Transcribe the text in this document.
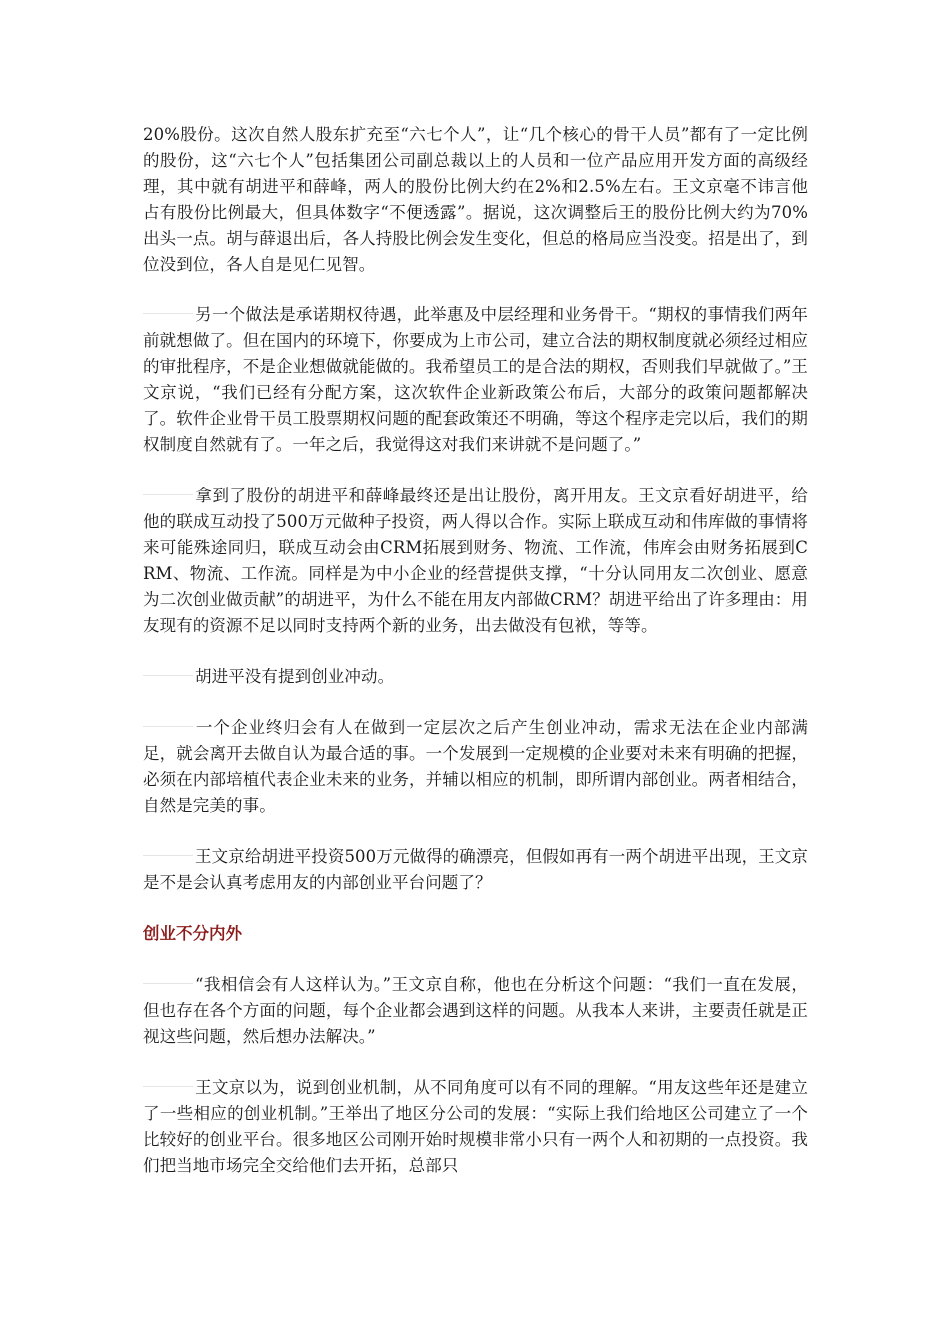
20%股份。这次自然人股东扩充至“六七个人”，让“几个核心的骨干人员”都有了一定比例的股份，这“六七个人”包括集团公司副总裁以上的人员和一位产品应用开发方面的高级经理，其中就有胡进平和薛峰，两人的股份比例大约在2%和2.5%左右。王文京毫不讳言他占有股份比例最大，但具体数字“不便透露”。据说，这次调整后王的股份比例大约为70%出头一点。胡与薛退出后，各人持股比例会发生变化，但总的格局应当没变。招是出了，到位没到位，各人自是见仁见智。

另一个做法是承诺期权待遇，此举惠及中层经理和业务骨干。“期权的事情我们两年前就想做了。但在国内的环境下，你要成为上市公司，建立合法的期权制度就必须经过相应的审批程序，不是企业想做就能做的。我希望员工的是合法的期权，否则我们早就做了。”王文京说，“我们已经有分配方案，这次软件企业新政策公布后，大部分的政策问题都解决了。软件企业骨干员工股票期权问题的配套政策还不明确，等这个程序走完以后，我们的期权制度自然就有了。一年之后，我觉得这对我们来讲就不是问题了。”

拿到了股份的胡进平和薛峰最终还是出让股份，离开用友。王文京看好胡进平，给他的联成互动投了500万元做种子投资，两人得以合作。实际上联成互动和伟库做的事情将来可能殊途同归，联成互动会由CRM拓展到财务、物流、工作流，伟库会由财务拓展到CRM、物流、工作流。同样是为中小企业的经营提供支撑，“十分认同用友二次创业、愿意为二次创业做贡献”的胡进平，为什么不能在用友内部做CRM？胡进平给出了许多理由：用友现有的资源不足以同时支持两个新的业务，出去做没有包袱，等等。

胡进平没有提到创业冲动。

一个企业终归会有人在做到一定层次之后产生创业冲动，需求无法在企业内部满足，就会离开去做自认为最合适的事。一个发展到一定规模的企业要对未来有明确的把握，必须在内部培植代表企业未来的业务，并辅以相应的机制，即所谓内部创业。两者相结合，自然是完美的事。

王文京给胡进平投资500万元做得的确漂亮，但假如再有一两个胡进平出现，王文京是不是会认真考虑用友的内部创业平台问题了？

创业不分内外

“我相信会有人这样认为。”王文京自称，他也在分析这个问题：“我们一直在发展，但也存在各个方面的问题，每个企业都会遇到这样的问题。从我本人来讲，主要责任就是正视这些问题，然后想办法解决。”

王文京以为，说到创业机制，从不同角度可以有不同的理解。“用友这些年还是建立了一些相应的创业机制。”王举出了地区分公司的发展：“实际上我们给地区公司建立了一个比较好的创业平台。很多地区公司刚开始时规模非常小只有一两个人和初期的一点投资。我们把当地市场完全交给他们去开拓，总部只
